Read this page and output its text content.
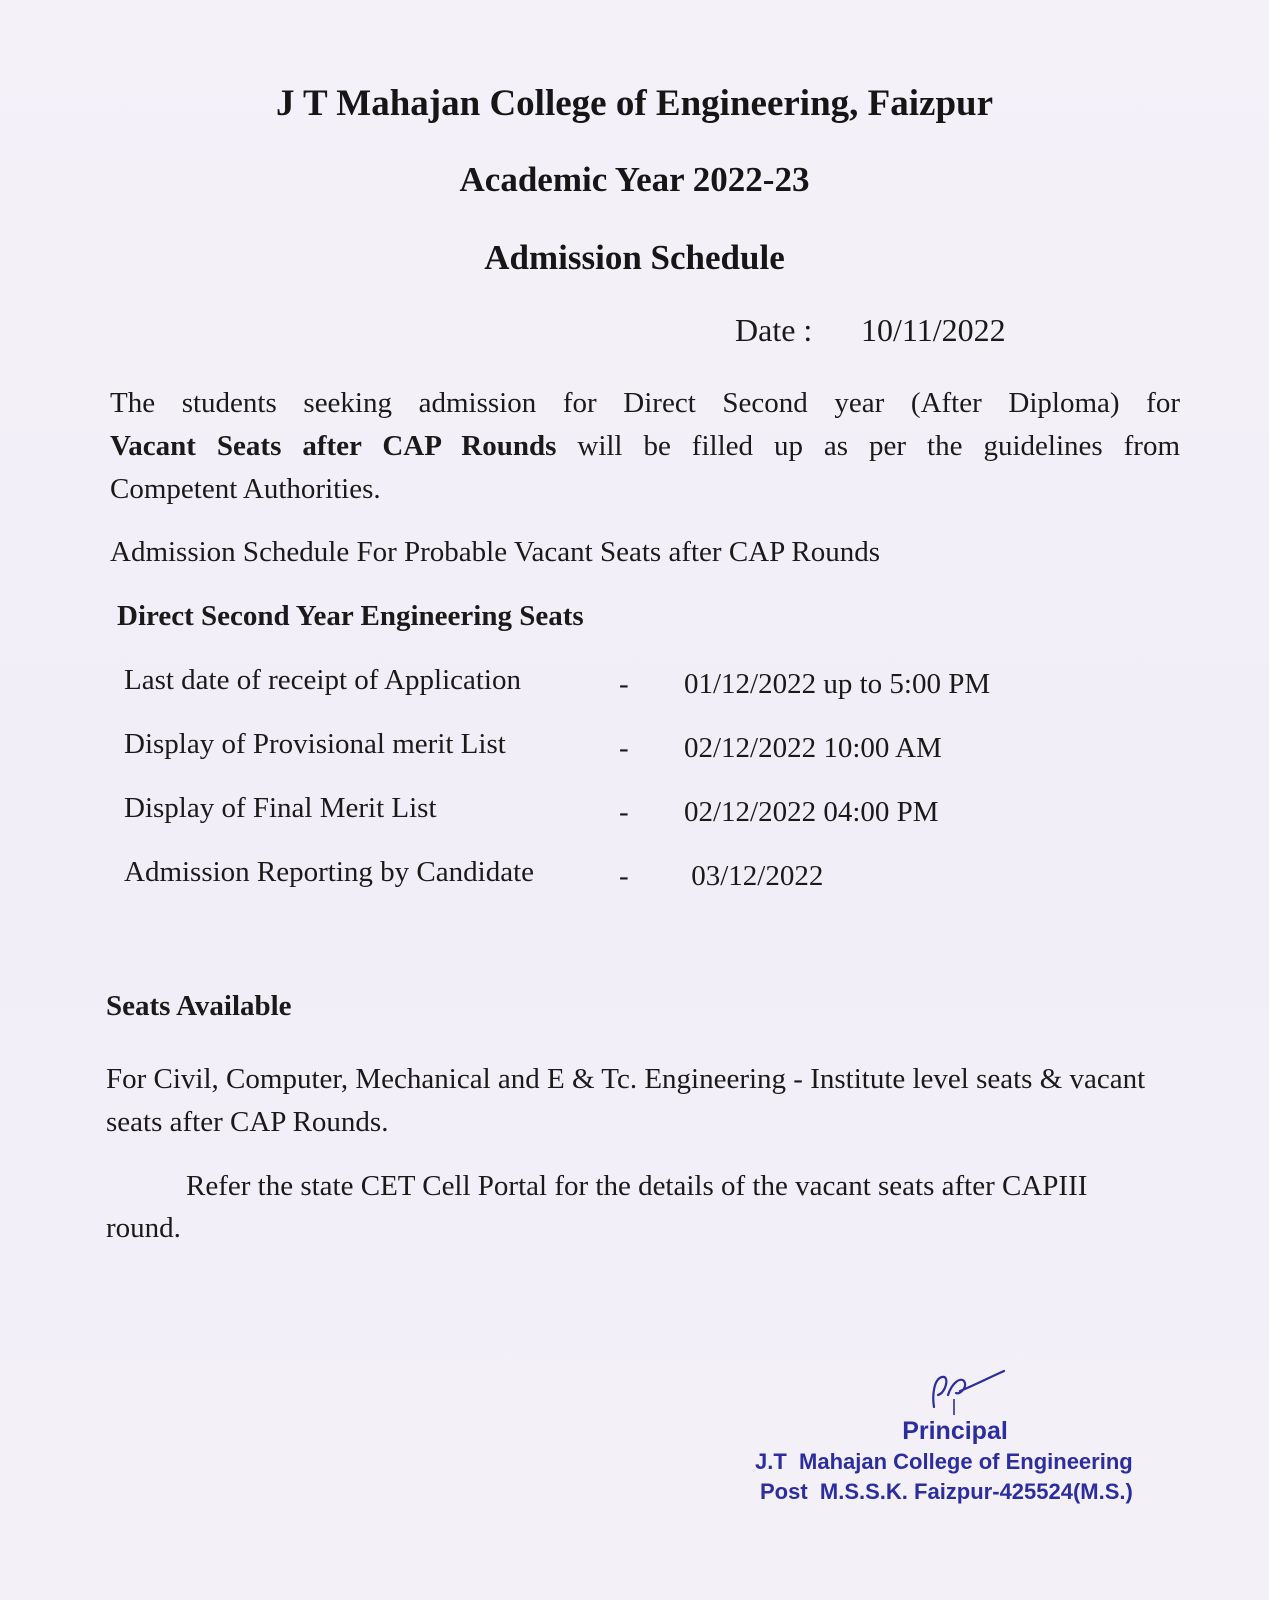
J T Mahajan College of Engineering, Faizpur
Academic Year 2022-23
Admission Schedule
Date : 10/11/2022
The students seeking admission for Direct Second year (After Diploma) for
Vacant Seats after CAP Rounds will be filled up as per the guidelines from
Competent Authorities.
Admission Schedule For Probable Vacant Seats after CAP Rounds
Direct Second Year Engineering Seats
Last date of receipt of Application	- 01/12/2022 up to 5:00 PM
Display of Provisional merit List	- 02/12/2022 10:00 AM
Display of Final Merit List	- 02/12/2022 04:00 PM
Admission Reporting by Candidate	- 03/12/2022
Seats Available
For Civil, Computer, Mechanical and E & Tc. Engineering - Institute level seats & vacant seats after CAP Rounds.
Refer the state CET Cell Portal for the details of the vacant seats after CAPIII round.
Principal
J.T  Mahajan College of Engineering
Post  M.S.S.K. Faizpur-425524(M.S.)
